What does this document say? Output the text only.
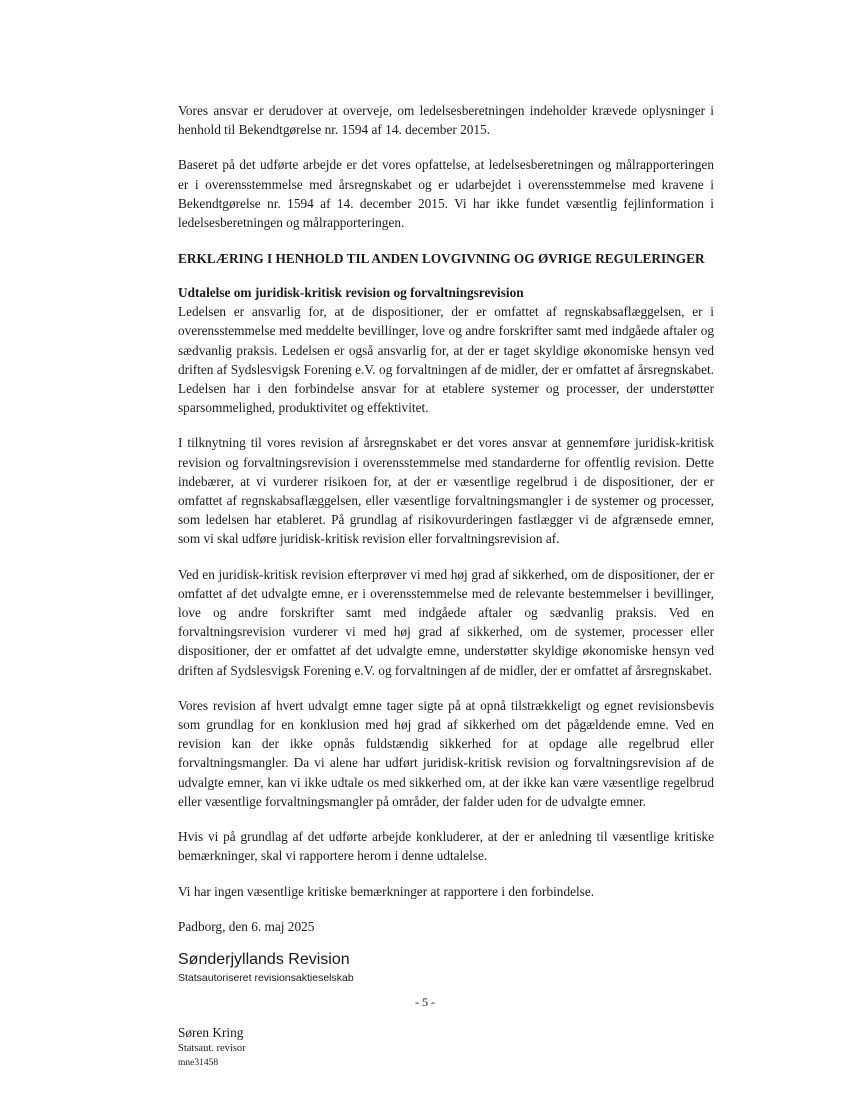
Vores ansvar er derudover at overveje, om ledelsesberetningen indeholder krævede oplysninger i henhold til Bekendtgørelse nr. 1594 af 14. december 2015.

Baseret på det udførte arbejde er det vores opfattelse, at ledelsesberetningen og målrapporteringen er i overensstemmelse med årsregnskabet og er udarbejdet i overensstemmelse med kravene i Bekendtgørelse nr. 1594 af 14. december 2015. Vi har ikke fundet væsentlig fejlinformation i ledelsesberetningen og målrapporteringen.

ERKLÆRING I HENHOLD TIL ANDEN LOVGIVNING OG ØVRIGE REGULERINGER
Udtalelse om juridisk-kritisk revision og forvaltningsrevision

Ledelsen er ansvarlig for, at de dispositioner, der er omfattet af regnskabsaflæggelsen, er i overensstemmelse med meddelte bevillinger, love og andre forskrifter samt med indgåede aftaler og sædvanlig praksis. Ledelsen er også ansvarlig for, at der er taget skyldige økonomiske hensyn ved driften af Sydslesvigsk Forening e.V. og forvaltningen af de midler, der er omfattet af årsregnskabet. Ledelsen har i den forbindelse ansvar for at etablere systemer og processer, der understøtter sparsommelighed, produktivitet og effektivitet.

I tilknytning til vores revision af årsregnskabet er det vores ansvar at gennemføre juridisk-kritisk revision og forvaltningsrevision i overensstemmelse med standarderne for offentlig revision. Dette indebærer, at vi vurderer risikoen for, at der er væsentlige regelbrud i de dispositioner, der er omfattet af regnskabsaflæggelsen, eller væsentlige forvaltningsmangler i de systemer og processer, som ledelsen har etableret. På grundlag af risikovurderingen fastlægger vi de afgrænsede emner, som vi skal udføre juridisk-kritisk revision eller forvaltningsrevision af.

Ved en juridisk-kritisk revision efterprøver vi med høj grad af sikkerhed, om de dispositioner, der er omfattet af det udvalgte emne, er i overensstemmelse med de relevante bestemmelser i bevillinger, love og andre forskrifter samt med indgåede aftaler og sædvanlig praksis. Ved en forvaltningsrevision vurderer vi med høj grad af sikkerhed, om de systemer, processer eller dispositioner, der er omfattet af det udvalgte emne, understøtter skyldige økonomiske hensyn ved driften af Sydslesvigsk Forening e.V. og forvaltningen af de midler, der er omfattet af årsregnskabet.

Vores revision af hvert udvalgt emne tager sigte på at opnå tilstrækkeligt og egnet revisionsbevis som grundlag for en konklusion med høj grad af sikkerhed om det pågældende emne. Ved en revision kan der ikke opnås fuldstændig sikkerhed for at opdage alle regelbrud eller forvaltningsmangler. Da vi alene har udført juridisk-kritisk revision og forvaltningsrevision af de udvalgte emner, kan vi ikke udtale os med sikkerhed om, at der ikke kan være væsentlige regelbrud eller væsentlige forvaltningsmangler på områder, der falder uden for de udvalgte emner.

Hvis vi på grundlag af det udførte arbejde konkluderer, at der er anledning til væsentlige kritiske bemærkninger, skal vi rapportere herom i denne udtalelse.

Vi har ingen væsentlige kritiske bemærkninger at rapportere i den forbindelse.

Padborg, den 6. maj 2025

Sønderjyllands Revision
Statsautoriseret revisionsaktieselskab
Søren Kring
Statsaut. revisor
mne31458
- 5 -
